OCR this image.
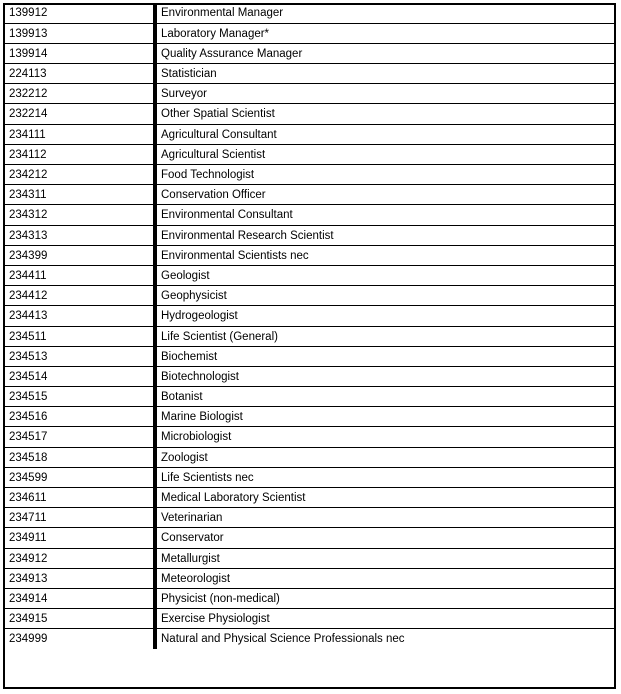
139912	Environmental Manager
139913	Laboratory Manager*
139914	Quality Assurance Manager
224113	Statistician
232212	Surveyor
232214	Other Spatial Scientist
234111	Agricultural Consultant
234112	Agricultural Scientist
234212	Food Technologist
234311	Conservation Officer
234312	Environmental Consultant
234313	Environmental Research Scientist
234399	Environmental Scientists nec
234411	Geologist
234412	Geophysicist
234413	Hydrogeologist
234511	Life Scientist (General)
234513	Biochemist
234514	Biotechnologist
234515	Botanist
234516	Marine Biologist
234517	Microbiologist
234518	Zoologist
234599	Life Scientists nec
234611	Medical Laboratory Scientist
234711	Veterinarian
234911	Conservator
234912	Metallurgist
234913	Meteorologist
234914	Physicist (non-medical)
234915	Exercise Physiologist
234999	Natural and Physical Science Professionals nec
